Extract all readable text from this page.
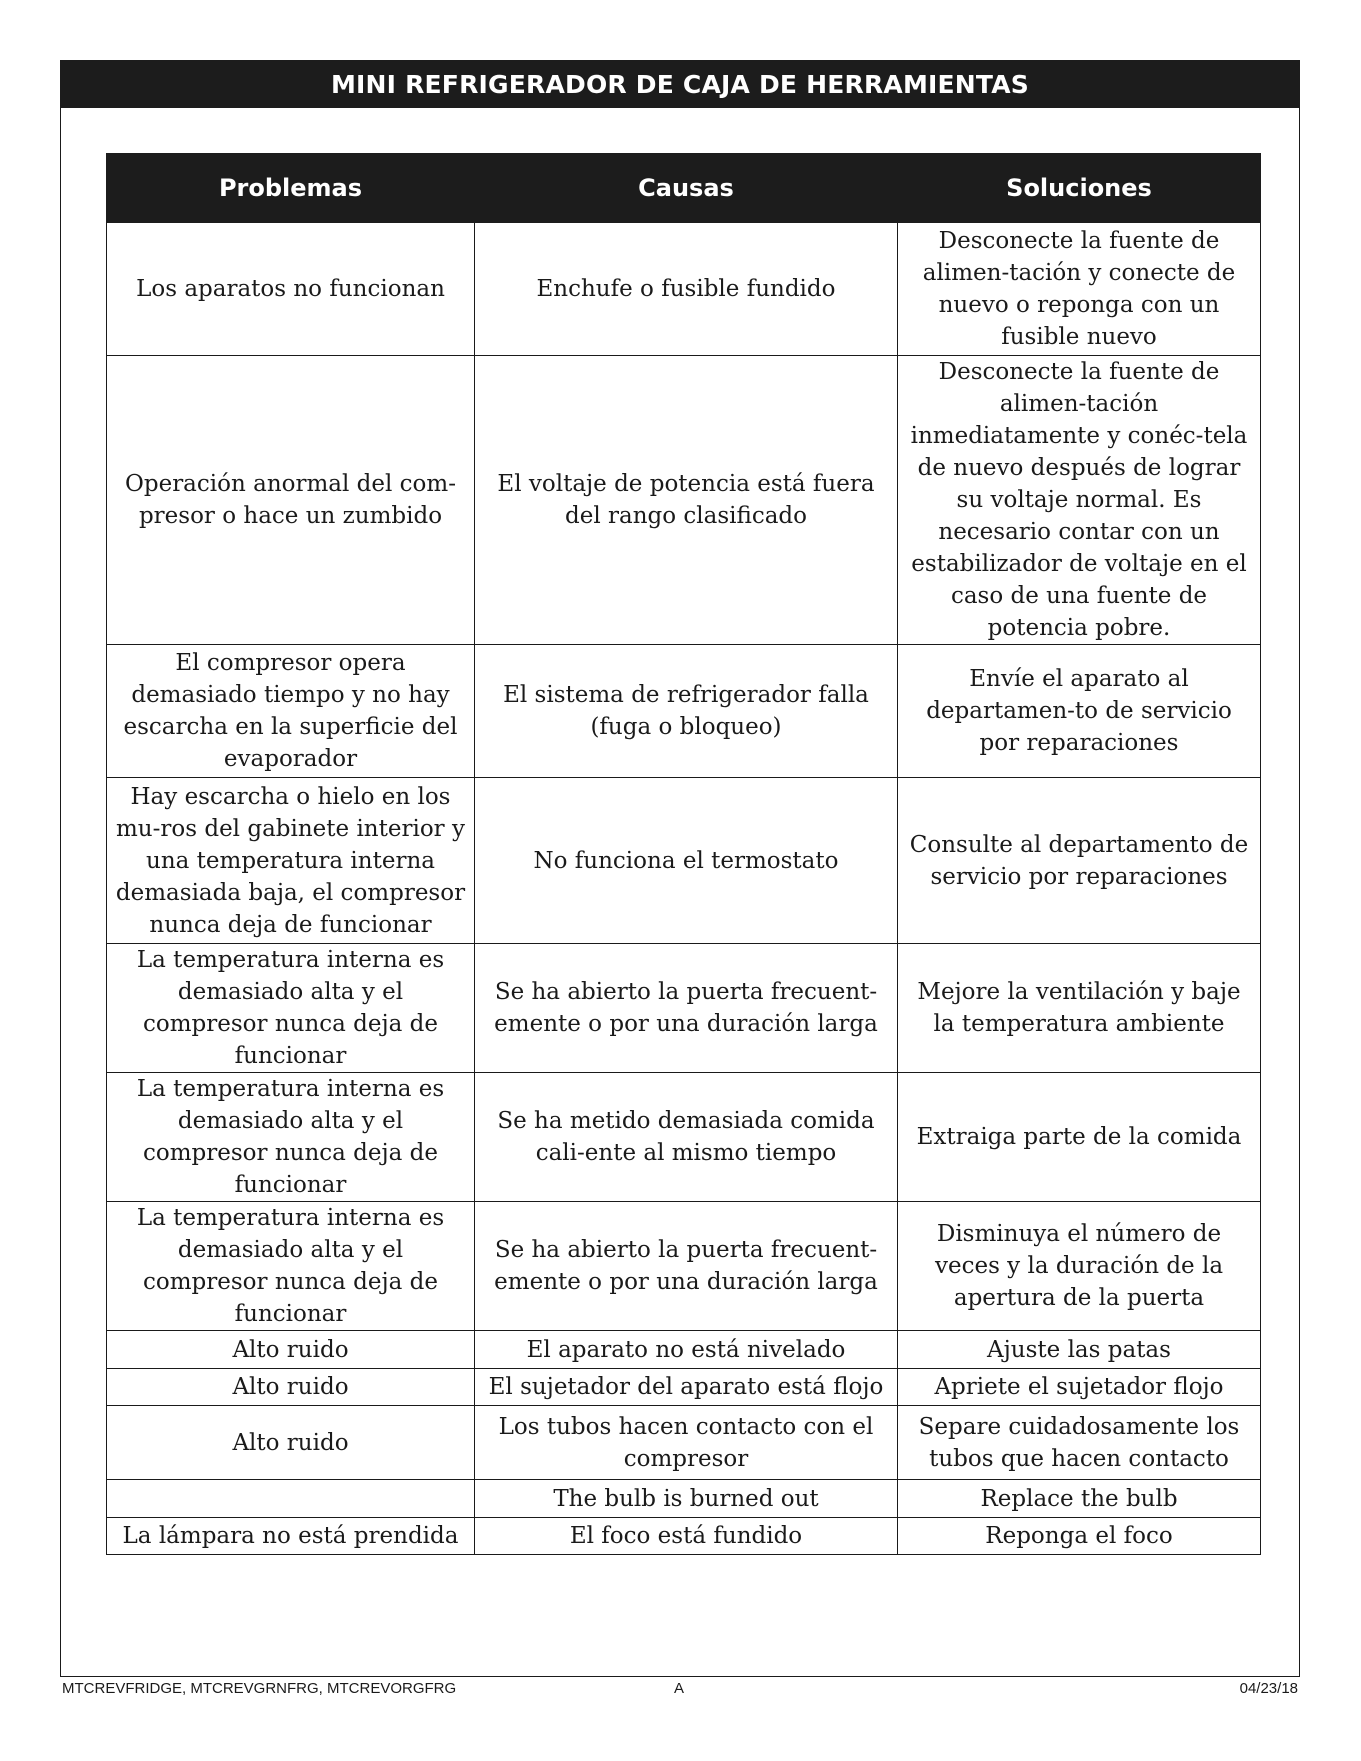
MINI REFRIGERADOR DE CAJA DE HERRAMIENTAS
Problemas	Causas	Soluciones
Los aparatos no funcionan	Enchufe o fusible fundido	Desconecte la fuente de alimen-tación y conecte de nuevo o reponga con un fusible nuevo
Operación anormal del com-presor o hace un zumbido	El voltaje de potencia está fuera del rango clasificado	Desconecte la fuente de alimen-tación inmediatamente y conéc-tela de nuevo después de lograr su voltaje normal. Es necesario contar con un estabilizador de voltaje en el caso de una fuente de potencia pobre.
El compresor opera demasiado tiempo y no hay escarcha en la superficie del evaporador	El sistema de refrigerador falla (fuga o bloqueo)	Envíe el aparato al departamen-to de servicio por reparaciones
Hay escarcha o hielo en los mu-ros del gabinete interior y una temperatura interna demasiada baja, el compresor nunca deja de funcionar	No funciona el termostato	Consulte al departamento de servicio por reparaciones
La temperatura interna es demasiado alta y el compresor nunca deja de funcionar	Se ha abierto la puerta frecuent-emente o por una duración larga	Mejore la ventilación y baje la temperatura ambiente
La temperatura interna es demasiado alta y el compresor nunca deja de funcionar	Se ha metido demasiada comida cali-ente al mismo tiempo	Extraiga parte de la comida
La temperatura interna es demasiado alta y el compresor nunca deja de funcionar	Se ha abierto la puerta frecuent-emente o por una duración larga	Disminuya el número de veces y la duración de la apertura de la puerta
Alto ruido	El aparato no está nivelado	Ajuste las patas
Alto ruido	El sujetador del aparato está flojo	Apriete el sujetador flojo
Alto ruido	Los tubos hacen contacto con el compresor	Separe cuidadosamente los tubos que hacen contacto
	The bulb is burned out	Replace the bulb
La lámpara no está prendida	El foco está fundido	Reponga el foco
MTCREVFRIDGE, MTCREVGRNFRG, MTCREVORGFRG	A	04/23/18
